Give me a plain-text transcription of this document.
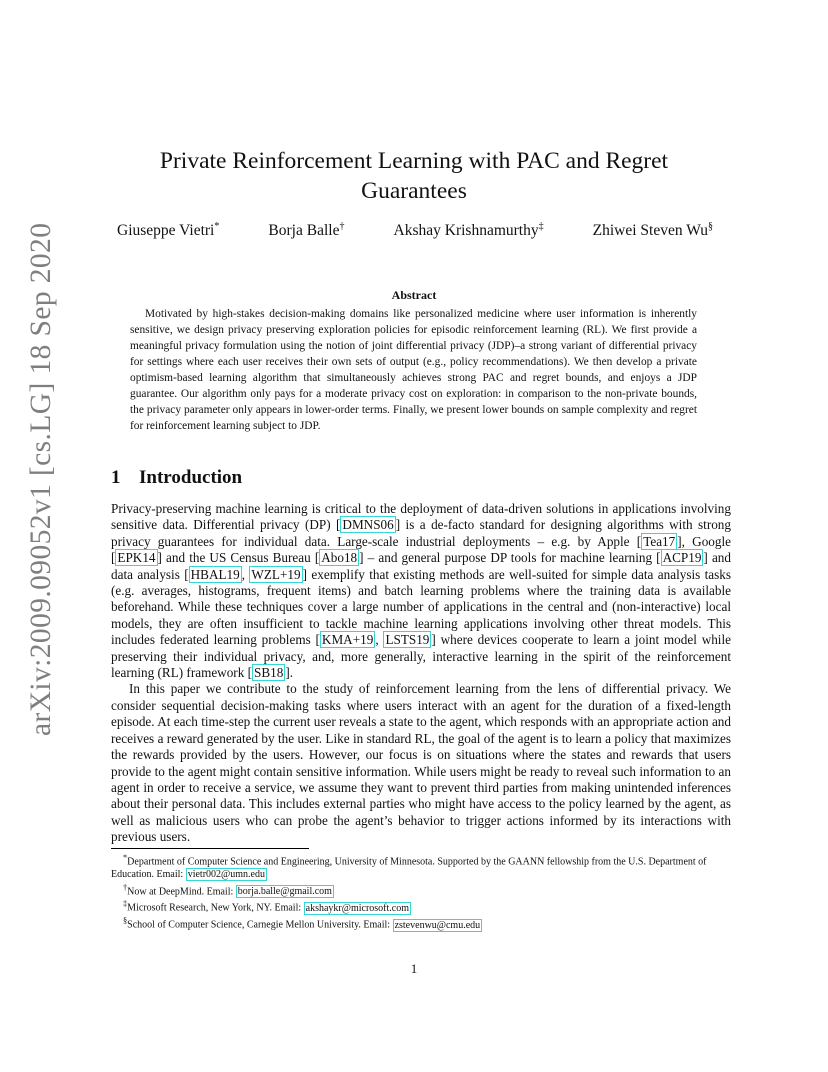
arXiv:2009.09052v1 [cs.LG] 18 Sep 2020
Private Reinforcement Learning with PAC and Regret Guarantees
Giuseppe Vietri*	Borja Balle†	Akshay Krishnamurthy‡	Zhiwei Steven Wu§
Abstract
Motivated by high-stakes decision-making domains like personalized medicine where user information is inherently sensitive, we design privacy preserving exploration policies for episodic reinforcement learning (RL). We first provide a meaningful privacy formulation using the notion of joint differential privacy (JDP)–a strong variant of differential privacy for settings where each user receives their own sets of output (e.g., policy recommendations). We then develop a private optimism-based learning algorithm that simultaneously achieves strong PAC and regret bounds, and enjoys a JDP guarantee. Our algorithm only pays for a moderate privacy cost on exploration: in comparison to the non-private bounds, the privacy parameter only appears in lower-order terms. Finally, we present lower bounds on sample complexity and regret for reinforcement learning subject to JDP.
1 Introduction

Privacy-preserving machine learning is critical to the deployment of data-driven solutions in applications involving sensitive data. Differential privacy (DP) [ DMNS06 ] is a de-facto standard for designing algorithms with strong privacy guarantees for individual data. Large-scale industrial deployments – e.g. by Apple [ Tea17 ], Google [ EPK14 ] and the US Census Bureau [ Abo18 ] – and general purpose DP tools for machine learning [ ACP19 ] and data analysis [ HBAL19 , WZL+19 ] exemplify that existing methods are well-suited for simple data analysis tasks (e.g. averages, histograms, frequent items) and batch learning problems where the training data is available beforehand. While these techniques cover a large number of applications in the central and (non-interactive) local models, they are often insufficient to tackle machine learning applications involving other threat models. This includes federated learning problems [ KMA+19 , LSTS19 ] where devices cooperate to learn a joint model while preserving their individual privacy, and, more generally, interactive learning in the spirit of the reinforcement learning (RL) framework [ SB18 ].

In this paper we contribute to the study of reinforcement learning from the lens of differential privacy. We consider sequential decision-making tasks where users interact with an agent for the duration of a fixed-length episode. At each time-step the current user reveals a state to the agent, which responds with an appropriate action and receives a reward generated by the user. Like in standard RL, the goal of the agent is to learn a policy that maximizes the rewards provided by the users. However, our focus is on situations where the states and rewards that users provide to the agent might contain sensitive information. While users might be ready to reveal such information to an agent in order to receive a service, we assume they want to prevent third parties from making unintended inferences about their personal data. This includes external parties who might have access to the policy learned by the agent, as well as malicious users who can probe the agent’s behavior to trigger actions informed by its interactions with previous users.

*Department of Computer Science and Engineering, University of Minnesota. Supported by the GAANN fellowship from the U.S. Department of Education. Email: vietr002@umn.edu
†Now at DeepMind. Email: borja.balle@gmail.com
‡Microsoft Research, New York, NY. Email: akshaykr@microsoft.com
§School of Computer Science, Carnegie Mellon University. Email: zstevenwu@cmu.edu
1
